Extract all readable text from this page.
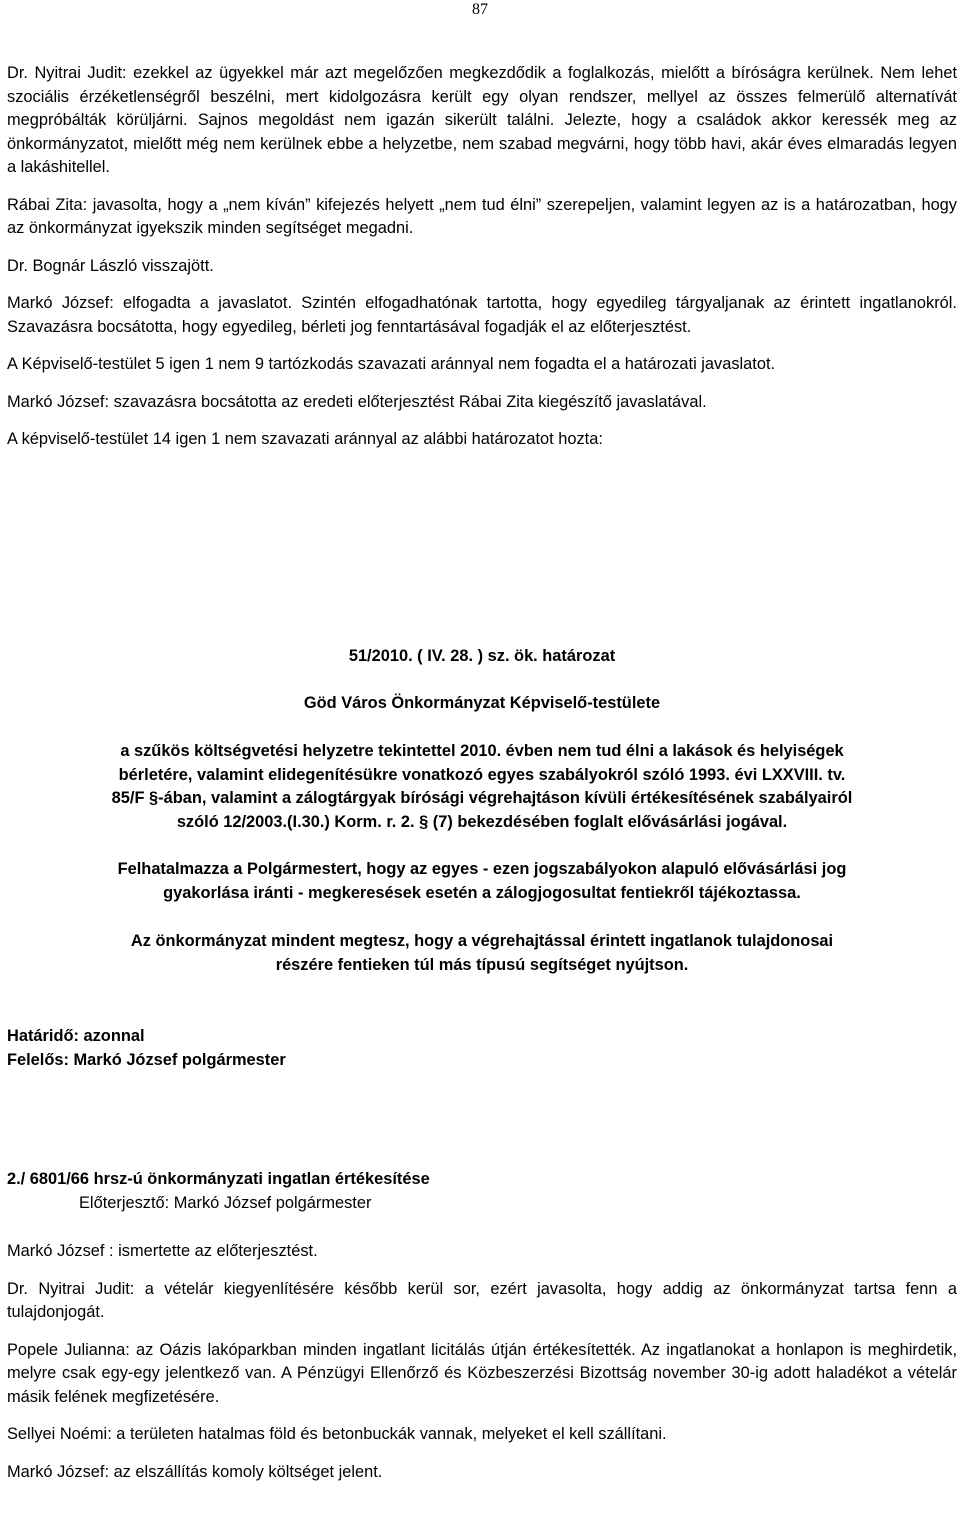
87

Dr. Nyitrai Judit: ezekkel az ügyekkel már azt megelőzően megkezdődik a foglalkozás, mielőtt a bíróságra kerülnek. Nem lehet szociális érzéketlenségről beszélni, mert kidolgozásra került egy olyan rendszer, mellyel az összes felmerülő alternatívát megpróbálták körüljárni. Sajnos megoldást nem igazán sikerült találni. Jelezte, hogy a családok akkor keressék meg az önkormányzatot, mielőtt még nem kerülnek ebbe a helyzetbe, nem szabad megvárni, hogy több havi, akár éves elmaradás legyen a lakáshitellel.

Rábai Zita: javasolta, hogy a „nem kíván” kifejezés helyett „nem tud élni” szerepeljen, valamint legyen az is a határozatban, hogy az önkormányzat igyekszik minden segítséget megadni.

Dr. Bognár László visszajött.

Markó József: elfogadta a javaslatot. Szintén elfogadhatónak tartotta, hogy egyedileg tárgyaljanak az érintett ingatlanokról. Szavazásra bocsátotta, hogy egyedileg, bérleti jog fenntartásával fogadják el az előterjesztést.

A Képviselő-testület 5 igen 1 nem 9 tartózkodás szavazati aránnyal nem fogadta el a határozati javaslatot.

Markó József: szavazásra bocsátotta az eredeti előterjesztést Rábai Zita kiegészítő javaslatával.

A képviselő-testület 14 igen 1 nem szavazati aránnyal az alábbi határozatot hozta:

51/2010. ( IV. 28. ) sz. ök. határozat
Göd Város Önkormányzat Képviselő-testülete
a szűkös költségvetési helyzetre tekintettel 2010. évben nem tud élni a lakások és helyiségek
bérletére, valamint elidegenítésükre vonatkozó egyes szabályokról szóló 1993. évi LXXVIII. tv.
85/F §-ában, valamint a zálogtárgyak bírósági végrehajtáson kívüli értékesítésének szabályairól
szóló 12/2003.(I.30.) Korm. r. 2. § (7) bekezdésében foglalt elővásárlási jogával.
Felhatalmazza a Polgármestert, hogy az egyes - ezen jogszabályokon alapuló elővásárlási jog
gyakorlása iránti - megkeresések esetén a zálogjogosultat fentiekről tájékoztassa.
Az önkormányzat mindent megtesz, hogy a végrehajtással érintett ingatlanok tulajdonosai
részére fentieken túl más típusú segítséget nyújtson.
Határidő: azonnal
Felelős: Markó József polgármester
2./ 6801/66 hrsz-ú önkormányzati ingatlan értékesítése
Előterjesztő: Markó József polgármester

Markó József : ismertette az előterjesztést.

Dr. Nyitrai Judit: a vételár kiegyenlítésére később kerül sor, ezért javasolta, hogy addig az önkormányzat tartsa fenn a tulajdonjogát.

Popele Julianna: az Oázis lakóparkban minden ingatlant licitálás útján értékesítették. Az ingatlanokat a honlapon is meghirdetik, melyre csak egy-egy jelentkező van. A Pénzügyi Ellenőrző és Közbeszerzési Bizottság november 30-ig adott haladékot a vételár másik felének megfizetésére.

Sellyei Noémi: a területen hatalmas föld és betonbuckák vannak, melyeket el kell szállítani.

Markó József: az elszállítás komoly költséget jelent.
